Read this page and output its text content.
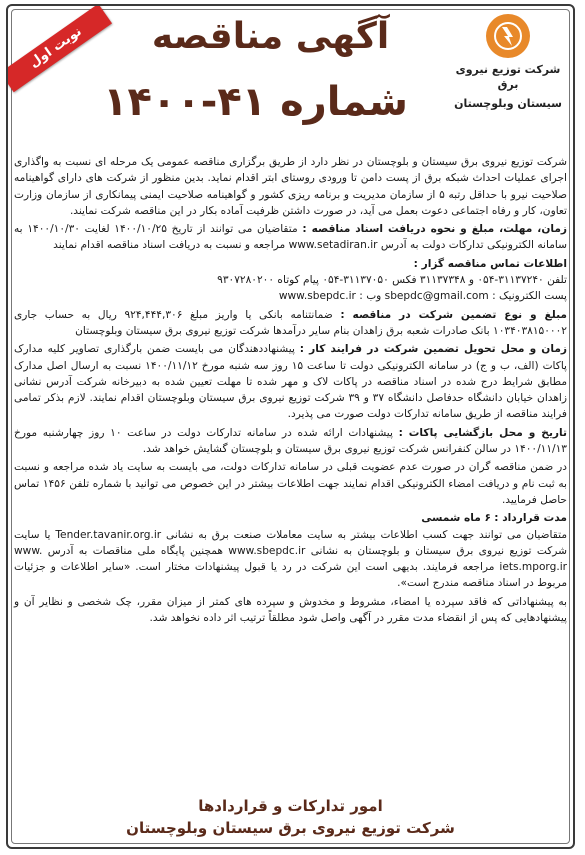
شرکت توزیع نیروی برق
سیستان وبلوچستان
آگهی مناقصه
شماره ۴۱-۱۴۰۰
نوبت اول

شرکت توزیع نیروی برق سیستان و بلوچستان در نظر دارد از طریق برگزاری مناقصه عمومی یک مرحله ای نسبت به واگذاری اجرای عملیات احداث شبکه برق از پست دامن تا ورودی روستای ابتر اقدام نماید. بدین منظور از شرکت های دارای گواهینامه صلاحیت نیرو با حداقل رتبه ۵ از سازمان مدیریت و برنامه ریزی کشور و گواهینامه صلاحیت ایمنی پیمانکاری از سازمان وزارت تعاون، کار و رفاه اجتماعی دعوت بعمل می آید، در صورت داشتن ظرفیت آماده بکار در این مناقصه شرکت نمایند.

زمان، مهلت، مبلغ و نحوه دریافت اسناد مناقصه : متقاضیان می توانند از تاریخ ۱۴۰۰/۱۰/۲۵ لغایت ۱۴۰۰/۱۰/۳۰ به سامانه الکترونیکی تدارکات دولت به آدرس www.setadiran.ir مراجعه و نسبت به دریافت اسناد مناقصه اقدام نمایند

اطلاعات تماس مناقصه گزار :
تلفن ۳۱۱۳۷۲۴۰-۰۵۴ و ۳۱۱۳۷۳۴۸ فکس ۳۱۱۳۷۰۵۰-۰۵۴ پیام کوتاه ۹۳۰۷۲۸۰۲۰۰
پست الکترونیک : sbepdc@gmail.com وب : www.sbepdc.ir

مبلغ و نوع تضمین شرکت در مناقصه : ضمانتنامه بانکی یا واریز مبلغ ۹۲۴,۴۴۴,۳۰۶ ریال به حساب جاری ۱۰۳۴۰۳۸۱۵۰۰۰۲ بانک صادرات شعبه برق زاهدان بنام سایر درآمدها شرکت توزیع نیروی برق سیستان وبلوچستان

زمان و محل تحویل تضمین شرکت در فرایند کار : پیشنهاددهندگان می بایست ضمن بارگذاری تصاویر کلیه مدارک پاکات (الف، ب و ج) در سامانه الکترونیکی دولت تا ساعت ۱۵ روز سه شنبه مورخ ۱۴۰۰/۱۱/۱۲ نسبت به ارسال اصل مدارک مطابق شرایط درج شده در اسناد مناقصه در پاکات لاک و مهر شده تا مهلت تعیین شده به دبیرخانه شرکت آدرس نشانی زاهدان خیابان دانشگاه حدفاصل دانشگاه ۳۷ و ۳۹ شرکت توزیع نیروی برق سیستان وبلوچستان اقدام نمایند. لازم بذکر تمامی فرایند مناقصه از طریق سامانه تدارکات دولت صورت می پذیرد.

تاریخ و محل بازگشایی پاکات : پیشنهادات ارائه شده در سامانه تدارکات دولت در ساعت ۱۰ روز چهارشنبه مورخ ۱۴۰۰/۱۱/۱۳ در سالن کنفرانس شرکت توزیع نیروی برق سیستان و بلوچستان گشایش خواهد شد.

در ضمن مناقصه گران در صورت عدم عضویت قبلی در سامانه تدارکات دولت، می بایست به سایت یاد شده مراجعه و نسبت به ثبت نام و دریافت امضاء الکترونیکی اقدام نمایند جهت اطلاعات بیشتر در این خصوص می توانید با شماره تلفن ۱۴۵۶ تماس حاصل فرمایید.

مدت قرارداد : ۶ ماه شمسی
متقاضیان می توانند جهت کسب اطلاعات بیشتر به سایت معاملات صنعت برق به نشانی Tender.tavanir.org.ir یا سایت شرکت توزیع نیروی برق سیستان و بلوچستان به نشانی www.sbepdc.ir همچنین پایگاه ملی مناقصات به آدرس www. iets.mporg.ir مراجعه فرمایند. بدیهی است این شرکت در رد یا قبول پیشنهادات مختار است. «سایر اطلاعات و جزئیات مربوط در اسناد مناقصه مندرج است».

به پیشنهاداتی که فاقد سپرده یا امضاء، مشروط و مخدوش و سپرده های کمتر از میزان مقرر، چک شخصی و نظایر آن و پیشنهادهایی که پس از انقضاء مدت مقرر در آگهی واصل شود مطلقاً ترتیب اثر داده نخواهد شد.

امور تدارکات و قراردادها
شرکت توزیع نیروی برق سیستان وبلوچستان
